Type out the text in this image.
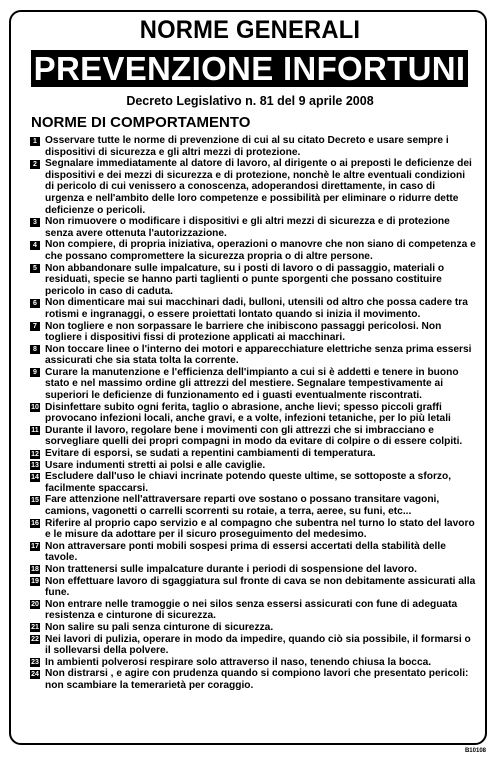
NORME GENERALI
PREVENZIONE INFORTUNI
Decreto Legislativo n. 81 del 9 aprile 2008
NORME DI COMPORTAMENTO
1 Osservare tutte le norme di prevenzione di cui al su citato Decreto e usare sempre i dispositivi di sicurezza e gli altri mezzi di protezione.
2 Segnalare immediatamente al datore di lavoro, al dirigente o ai preposti le deficienze dei dispositivi e dei mezzi di sicurezza e di protezione, nonchè le altre eventuali condizioni di pericolo di cui venissero a conoscenza, adoperandosi direttamente, in caso di urgenza e nell'ambito delle loro competenze e possibilità per eliminare o ridurre dette deficienze o pericoli.
3 Non rimuovere o modificare i dispositivi e gli altri mezzi di sicurezza e di protezione senza avere ottenuta l'autorizzazione.
4 Non compiere, di propria iniziativa, operazioni o manovre che non siano di competenza e che possano compromettere la sicurezza propria o di altre persone.
5 Non abbandonare sulle impalcature, su i posti di lavoro o di passaggio, materiali o residuati, specie se hanno parti taglienti o punte sporgenti che possano costituire pericolo in caso di caduta.
6 Non dimenticare mai sui macchinari dadi, bulloni, utensili od altro che possa cadere tra rotismi e ingranaggi, o essere proiettati lontato quando si inizia il movimento.
7 Non togliere e non sorpassare le barriere che inibiscono passaggi pericolosi. Non togliere i dispositivi fissi di protezione applicati ai macchinari.
8 Non toccare linee o l'interno dei motori e apparecchiature elettriche senza prima essersi assicurati che sia stata tolta la corrente.
9 Curare la manutenzione e l'efficienza dell'impianto a cui si è addetti e tenere in buono stato e nel massimo ordine gli attrezzi del mestiere. Segnalare tempestivamente ai superiori le deficienze di funzionamento ed i guasti eventualmente riscontrati.
10 Disinfettare subito ogni ferita, taglio o abrasione, anche lievi; spesso piccoli graffi provocano infezioni locali, anche gravi, e a volte, infezioni tetaniche, per lo più letali
11 Durante il lavoro, regolare bene i movimenti con gli attrezzi che si imbracciano e sorvegliare quelli dei propri compagni in modo da evitare di colpire o di essere colpiti.
12 Evitare di esporsi, se sudati a repentini cambiamenti di temperatura.
13 Usare indumenti stretti ai polsi e alle caviglie.
14 Escludere dall'uso le chiavi incrinate potendo queste ultime, se sottoposte a sforzo, facilmente spaccarsi.
15 Fare attenzione nell'attraversare reparti ove sostano o possano transitare vagoni, camions, vagonetti o carrelli scorrenti su rotaie, a terra, aeree, su funi, etc...
16 Riferire al proprio capo servizio e al compagno che subentra nel turno lo stato del lavoro e le misure da adottare per il sicuro proseguimento del medesimo.
17 Non attraversare ponti mobili sospesi prima di essersi accertati della stabilità delle tavole.
18 Non trattenersi sulle impalcature durante i periodi di sospensione del lavoro.
19 Non effettuare lavoro di sgaggiatura sul fronte di cava se non debitamente assicurati alla fune.
20 Non entrare nelle tramoggie o nei silos senza essersi assicurati con fune di adeguata resistenza e cinturone di sicurezza.
21 Non salire su pali senza cinturone di sicurezza.
22 Nei lavori di pulizia, operare in modo da impedire, quando ciò sia possibile, il formarsi o il sollevarsi della polvere.
23 In ambienti polverosi respirare solo attraverso il naso, tenendo chiusa la bocca.
24 Non distrarsi , e agire con prudenza quando si compiono lavori che presentato pericoli: non scambiare la temerarietà per coraggio.
B10108
